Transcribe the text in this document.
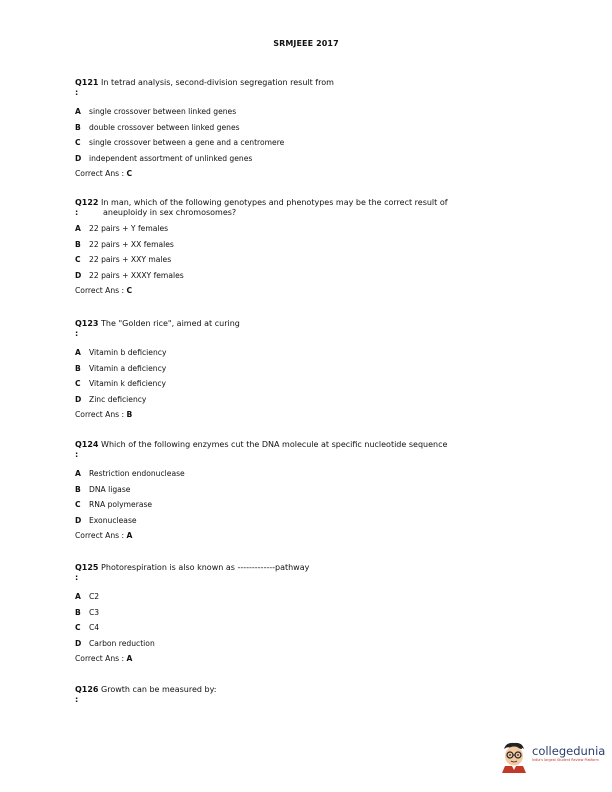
SRMJEEE 2017
Q121 In tetrad analysis, second-division segregation result from
:
A single crossover between linked genes
B double crossover between linked genes
C single crossover between a gene and a centromere
D independent assortment of unlinked genes
Correct Ans : C
Q122 In man, which of the following genotypes and phenotypes may be the correct result of
:	aneuploidy in sex chromosomes?
A 22 pairs + Y females
B 22 pairs + XX females
C 22 pairs + XXY males
D 22 pairs + XXXY females
Correct Ans : C
Q123 The "Golden rice", aimed at curing
:
A Vitamin b deficiency
B Vitamin a deficiency
C Vitamin k deficiency
D Zinc deficiency
Correct Ans : B
Q124 Which of the following enzymes cut the DNA molecule at specific nucleotide sequence
:
A Restriction endonuclease
B DNA ligase
C RNA polymerase
D Exonuclease
Correct Ans : A
Q125 Photorespiration is also known as -------------pathway
:
A C2
B C3
C C4
D Carbon reduction
Correct Ans : A
Q126 Growth can be measured by:
:
collegedunia
India's largest Student Review Platform
